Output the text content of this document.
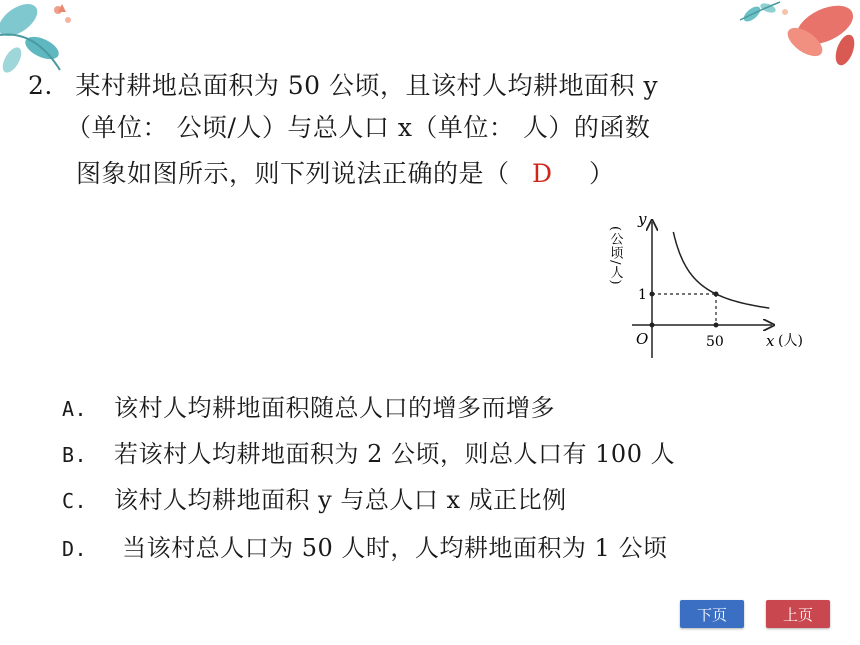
2. 某村耕地总面积为 50 公顷，且该村人均耕地面积 y
（单位： 公顷/人）与总人口 x（单位： 人）的函数
图象如图所示，则下列说法正确的是（ D ）
y
(公顷/人)
1
O	50	x (人)
A. 该村人均耕地面积随总人口的增多而增多
B. 若该村人均耕地面积为 2 公顷，则总人口有 100 人
C. 该村人均耕地面积 y 与总人口 x 成正比例
D. 当该村总人口为 50 人时，人均耕地面积为 1 公顷
下页	上页
